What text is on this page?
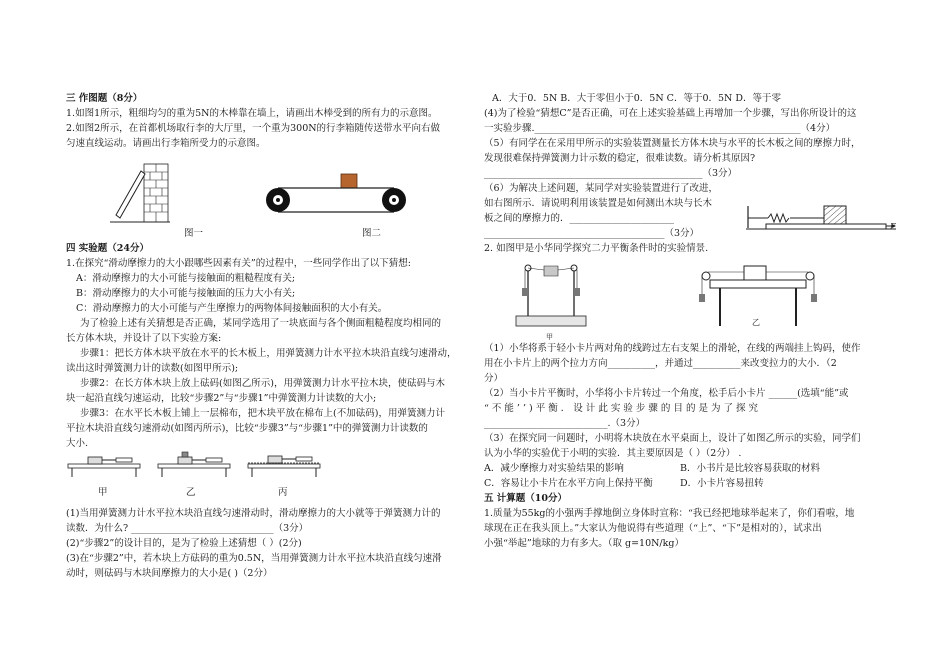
三 作图题（8分）
1.如图1所示，粗细均匀的重为5N的木棒靠在墙上，请画出木棒受到的所有力的示意图。
2.如图2所示，在首都机场取行李的大厅里，一个重为300N的行李箱随传送带水平向右做
匀速直线运动。请画出行李箱所受力的示意图。
图一	图二
四 实验题（24分）
1.在探究“滑动摩擦力的大小跟哪些因素有关”的过程中，一些同学作出了以下猜想:
A：滑动摩擦力的大小可能与接触面的粗糙程度有关;
B：滑动摩擦力的大小可能与接触面的压力大小有关;
C：滑动摩擦力的大小可能与产生摩擦力的两物体间接触面积的大小有关。
为了检验上述有关猜想是否正确，某同学选用了一块底面与各个侧面粗糙程度均相同的
长方体木块，并设计了以下实验方案:
步骤1：把长方体木块平放在水平的长木板上，用弹簧测力计水平拉木块沿直线匀速滑动，
读出这时弹簧测力计的读数(如图甲所示);
步骤2：在长方体木块上放上砝码(如图乙所示)，用弹簧测力计水平拉木块，使砝码与木
块一起沿直线匀速运动，比较“步骤2”与“步骤1”中弹簧测力计读数的大小;
步骤3：在水平长木板上铺上一层棉布，把木块平放在棉布上(不加砝码)，用弹簧测力计
平拉木块沿直线匀速滑动(如图丙所示)，比较“步骤3”与“步骤1”中的弹簧测力计读数的
大小.
甲	乙	丙
(1)当用弹簧测力计水平拉木块沿直线匀速滑动时，滑动摩擦力的大小就等于弹簧测力计的
读数．为什么? ______________________________（3分）
(2)“步骤2”的设计目的，是为了检验上述猜想（ ）(2分)
(3)在“步骤2”中，若木块上方砝码的重为0.5N，当用弹簧测力计水平拉木块沿直线匀速滑
动时，则砝码与木块间摩擦力的大小是( )（2分）
A．大于0．5N B．大于零但小于0．5N C．等于0．5N D．等于零
(4)为了检验“猜想C”是否正确，可在上述实验基础上再增加一个步骤，写出你所设计的这
一实验步骤.________________________________________________________（4分）
（5）有同学在在采用甲所示的实验装置测量长方体木块与水平的长木板之间的摩擦力时，
发现很难保持弹簧测力计示数的稳定，很难读数。请分析其原因?
______________________________________________（3分）
（6）为解决上述问题，某同学对实验装置进行了改进，
如右图所示．请说明利用该装置是如何测出木块与长木
板之间的摩擦力的．______________________
______________________________________（3分）
F
2. 如图甲是小华同学探究二力平衡条件时的实验情景.
甲
乙
（1）小华将系于轻小卡片两对角的线跨过左右支架上的滑轮，在线的两端挂上钩码，使作
用在小卡片上的两个拉力方向__________，并通过__________来改变拉力的大小．（2
分）
（2）当小卡片平衡时，小华将小卡片转过一个角度，松手后小卡片 ______(选填“能”或
“ 不 能 ’ ’ ) 平 衡 ． 设 计 此 实 验 步 骤 的 目 的 是 为 了 探 究
__________________________.（3分）
（3）在探究同一问题时，小明将木块放在水平桌面上，设计了如图乙所示的实验，同学们
认为小华的实验优于小明的实验．其主要原因是（ ）（2分） .
A．减少摩擦力对实验结果的影响	B．小书片是比较容易获取的材料
C．容易让小卡片在水平方向上保持平衡	D．小卡片容易扭转
五 计算题（10分）
1.质量为55kg的小强两手撑地倒立身体时宣称：“我已经把地球举起来了，你们看啦，地
球现在正在我头顶上。”大家认为他说得有些道理（“上”、“下”是相对的），试求出
小强“举起”地球的力有多大。（取 g=10N/kg）
